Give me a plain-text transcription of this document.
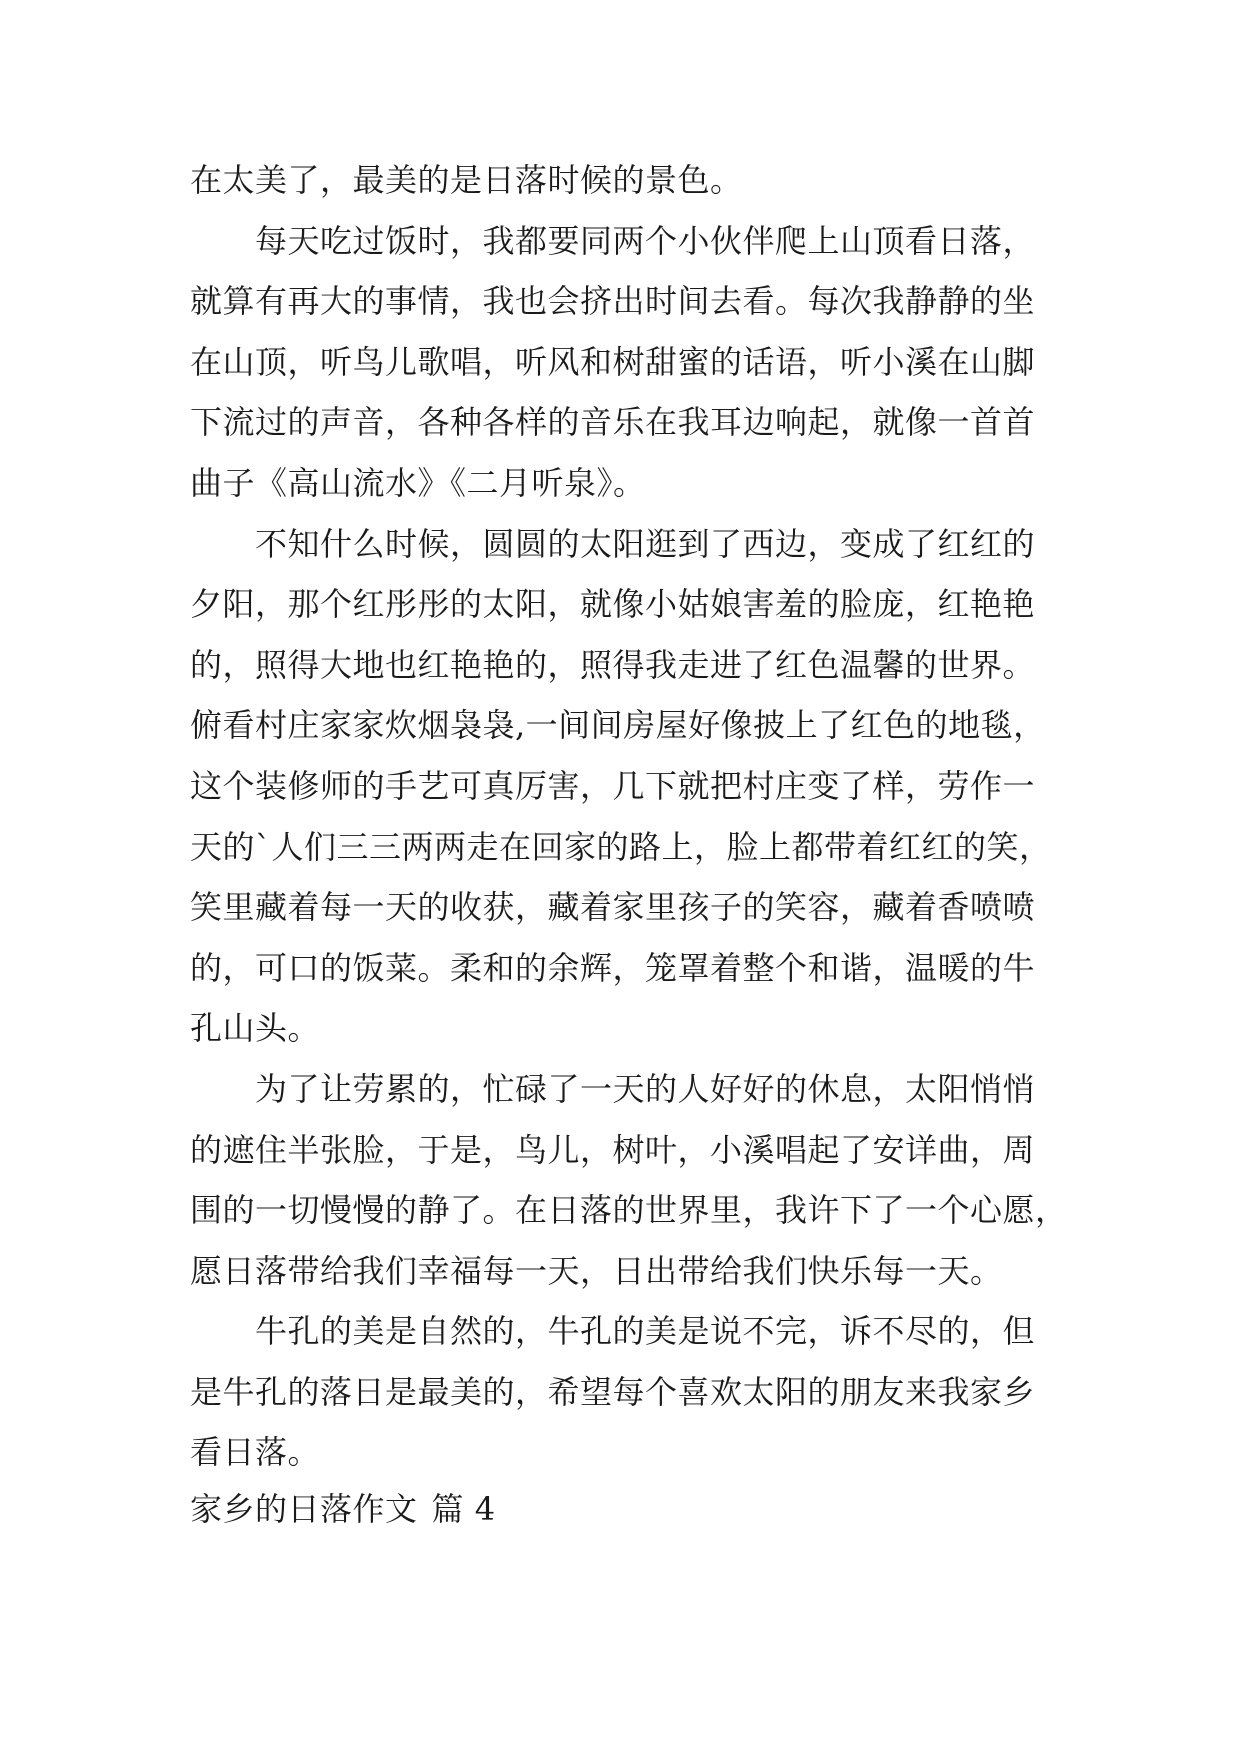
在太美了，最美的是日落时候的景色。
　　每天吃过饭时，我都要同两个小伙伴爬上山顶看日落，
就算有再大的事情，我也会挤出时间去看。每次我静静的坐
在山顶，听鸟儿歌唱，听风和树甜蜜的话语，听小溪在山脚
下流过的声音，各种各样的音乐在我耳边响起，就像一首首
曲子《高山流水》《二月听泉》。
　　不知什么时候，圆圆的太阳逛到了西边，变成了红红的
夕阳，那个红彤彤的太阳，就像小姑娘害羞的脸庞，红艳艳
的，照得大地也红艳艳的，照得我走进了红色温馨的世界。
俯看村庄家家炊烟袅袅,一间间房屋好像披上了红色的地毯，
这个装修师的手艺可真厉害，几下就把村庄变了样，劳作一
天的`人们三三两两走在回家的路上，脸上都带着红红的笑，
笑里藏着每一天的收获，藏着家里孩子的笑容，藏着香喷喷
的，可口的饭菜。柔和的余辉，笼罩着整个和谐，温暖的牛
孔山头。
　　为了让劳累的，忙碌了一天的人好好的休息，太阳悄悄
的遮住半张脸，于是，鸟儿，树叶，小溪唱起了安详曲，周
围的一切慢慢的静了。在日落的世界里，我许下了一个心愿，
愿日落带给我们幸福每一天，日出带给我们快乐每一天。
　　牛孔的美是自然的，牛孔的美是说不完，诉不尽的，但
是牛孔的落日是最美的，希望每个喜欢太阳的朋友来我家乡
看日落。
家乡的日落作文 篇 4
